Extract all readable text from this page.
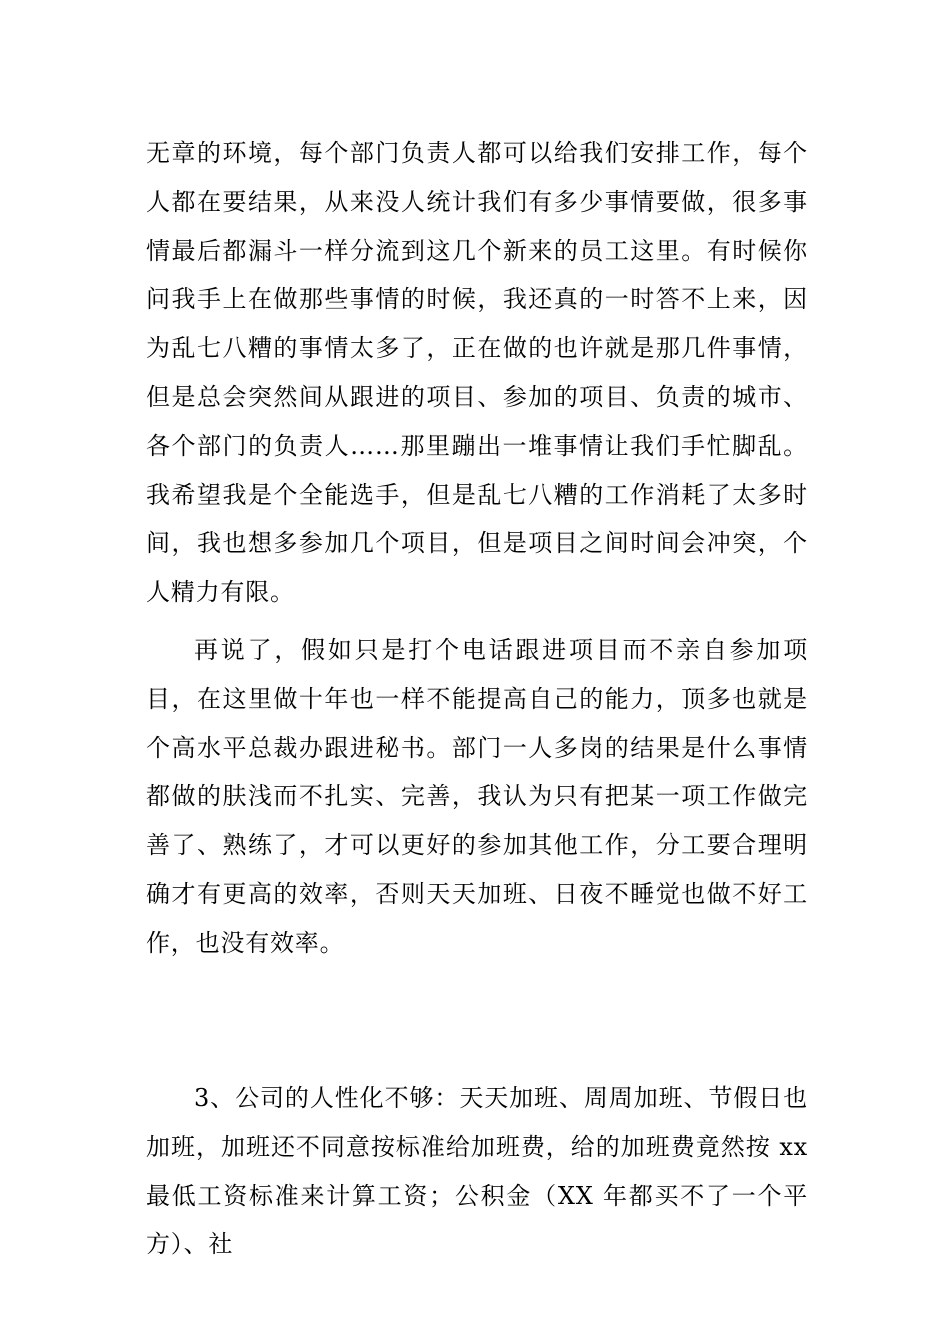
无章的环境，每个部门负责人都可以给我们安排工作，每个人都在要结果，从来没人统计我们有多少事情要做，很多事情最后都漏斗一样分流到这几个新来的员工这里。有时候你问我手上在做那些事情的时候，我还真的一时答不上来，因为乱七八糟的事情太多了，正在做的也许就是那几件事情，但是总会突然间从跟进的项目、参加的项目、负责的城市、各个部门的负责人……那里蹦出一堆事情让我们手忙脚乱。我希望我是个全能选手，但是乱七八糟的工作消耗了太多时间，我也想多参加几个项目，但是项目之间时间会冲突，个人精力有限。

再说了，假如只是打个电话跟进项目而不亲自参加项目，在这里做十年也一样不能提高自己的能力，顶多也就是个高水平总裁办跟进秘书。部门一人多岗的结果是什么事情都做的肤浅而不扎实、完善，我认为只有把某一项工作做完善了、熟练了，才可以更好的参加其他工作，分工要合理明确才有更高的效率，否则天天加班、日夜不睡觉也做不好工作，也没有效率。

3、公司的人性化不够：天天加班、周周加班、节假日也加班，加班还不同意按标准给加班费，给的加班费竟然按 xx 最低工资标准来计算工资；公积金（XX 年都买不了一个平方）、社
